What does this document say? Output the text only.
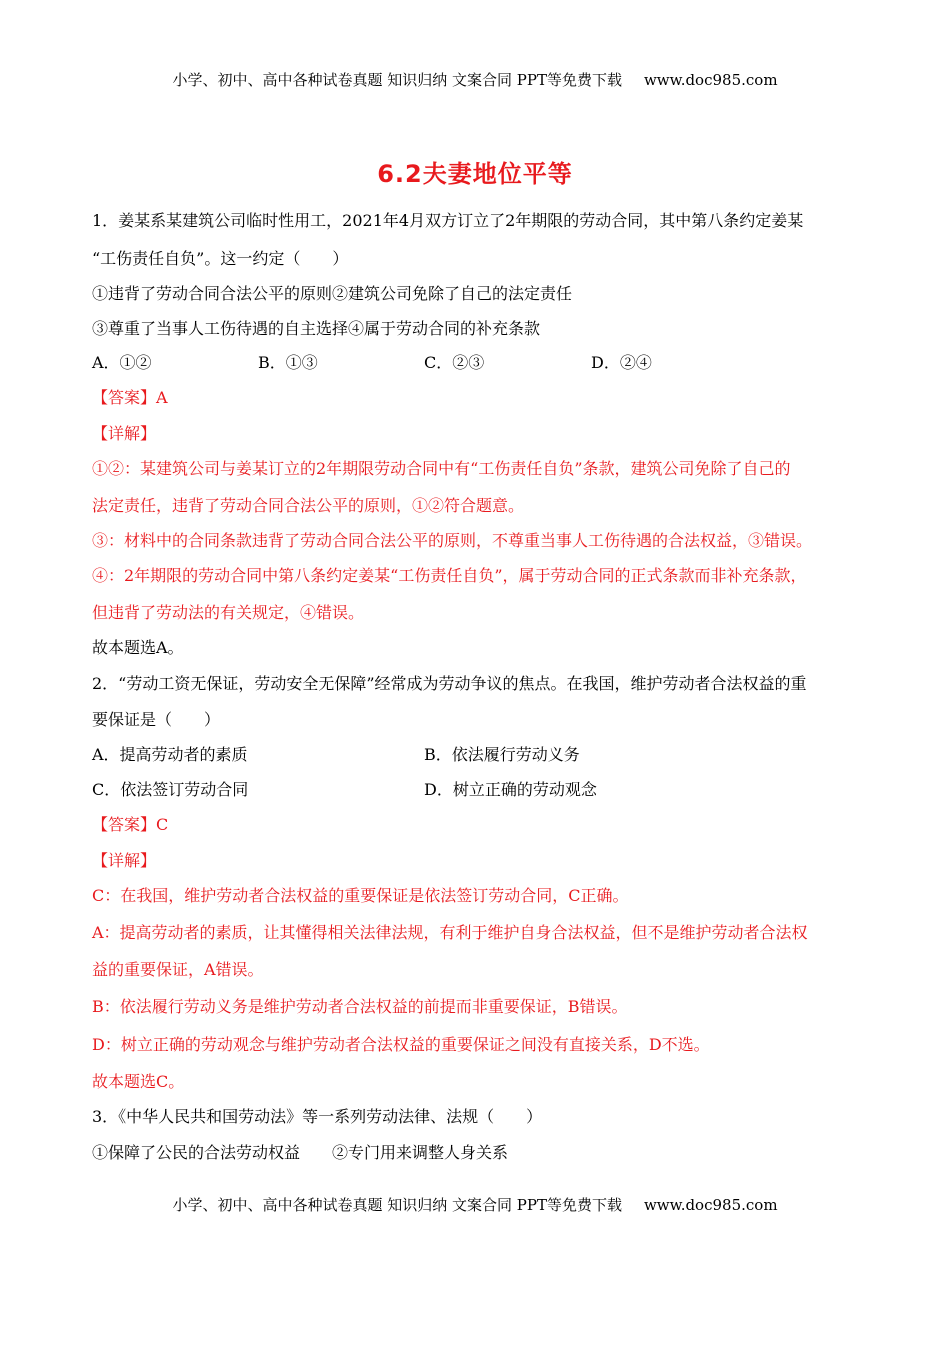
小学、初中、高中各种试卷真题 知识归纳 文案合同 PPT等免费下载 www.doc985.com
6.2夫妻地位平等
1．姜某系某建筑公司临时性用工，2021年4月双方订立了2年期限的劳动合同，其中第八条约定姜某
“工伤责任自负”。这一约定（　　）
①违背了劳动合同合法公平的原则②建筑公司免除了自己的法定责任
③尊重了当事人工伤待遇的自主选择④属于劳动合同的补充条款
A．①②	B．①③	C．②③	D．②④
【答案】A
【详解】
①②：某建筑公司与姜某订立的2年期限劳动合同中有“工伤责任自负”条款，建筑公司免除了自己的
法定责任，违背了劳动合同合法公平的原则，①②符合题意。
③：材料中的合同条款违背了劳动合同合法公平的原则，不尊重当事人工伤待遇的合法权益，③错误。
④：2年期限的劳动合同中第八条约定姜某“工伤责任自负”，属于劳动合同的正式条款而非补充条款，
但违背了劳动法的有关规定，④错误。
故本题选A。
2．“劳动工资无保证，劳动安全无保障”经常成为劳动争议的焦点。在我国，维护劳动者合法权益的重
要保证是（　　）
A．提高劳动者的素质	B．依法履行劳动义务
C．依法签订劳动合同	D．树立正确的劳动观念
【答案】C
【详解】
C：在我国，维护劳动者合法权益的重要保证是依法签订劳动合同，C正确。
A：提高劳动者的素质，让其懂得相关法律法规，有利于维护自身合法权益，但不是维护劳动者合法权
益的重要保证，A错误。
B：依法履行劳动义务是维护劳动者合法权益的前提而非重要保证，B错误。
D：树立正确的劳动观念与维护劳动者合法权益的重要保证之间没有直接关系，D不选。
故本题选C。
3．《中华人民共和国劳动法》等一系列劳动法律、法规（　　）
①保障了公民的合法劳动权益　　②专门用来调整人身关系
小学、初中、高中各种试卷真题 知识归纳 文案合同 PPT等免费下载 www.doc985.com
